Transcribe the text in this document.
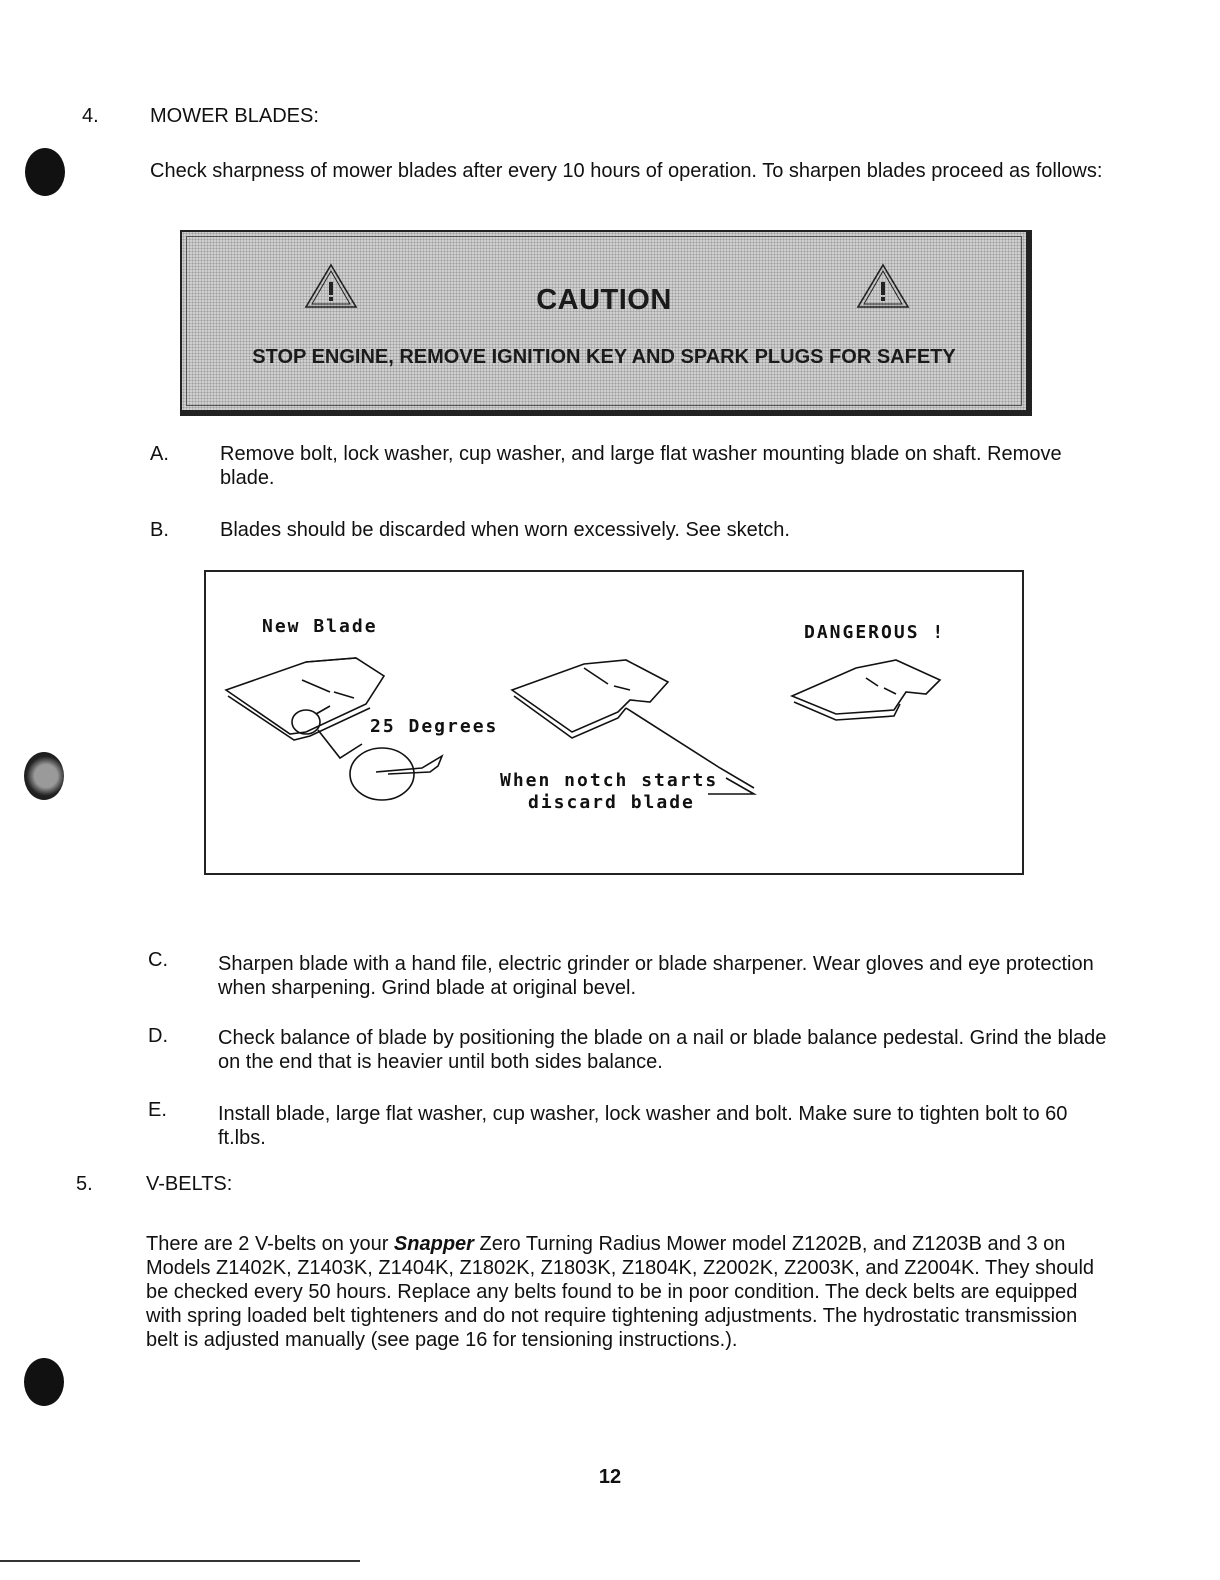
4.	MOWER BLADES:
Check sharpness of mower blades after every 10 hours of operation. To sharpen blades proceed as follows:
CAUTION
STOP ENGINE, REMOVE IGNITION KEY AND SPARK PLUGS FOR SAFETY
A.	Remove bolt, lock washer, cup washer, and large flat washer mounting blade on shaft. Remove blade.
B.	Blades should be discarded when worn excessively. See sketch.
New Blade	DANGEROUS !
25 Degrees
When notch starts
discard blade
C.	Sharpen blade with a hand file, electric grinder or blade sharpener. Wear gloves and eye protection when sharpening. Grind blade at original bevel.
D.	Check balance of blade by positioning the blade on a nail or blade balance pedestal. Grind the blade on the end that is heavier until both sides balance.
E.	Install blade, large flat washer, cup washer, lock washer and bolt. Make sure to tighten bolt to 60 ft.lbs.
5.	V-BELTS:
There are 2 V-belts on your Snapper Zero Turning Radius Mower model Z1202B, and Z1203B and 3 on Models Z1402K, Z1403K, Z1404K, Z1802K, Z1803K, Z1804K, Z2002K, Z2003K, and Z2004K. They should be checked every 50 hours. Replace any belts found to be in poor condition. The deck belts are equipped with spring loaded belt tighteners and do not require tightening adjustments. The hydrostatic transmission belt is adjusted manually (see page 16 for tensioning instructions.).
12
